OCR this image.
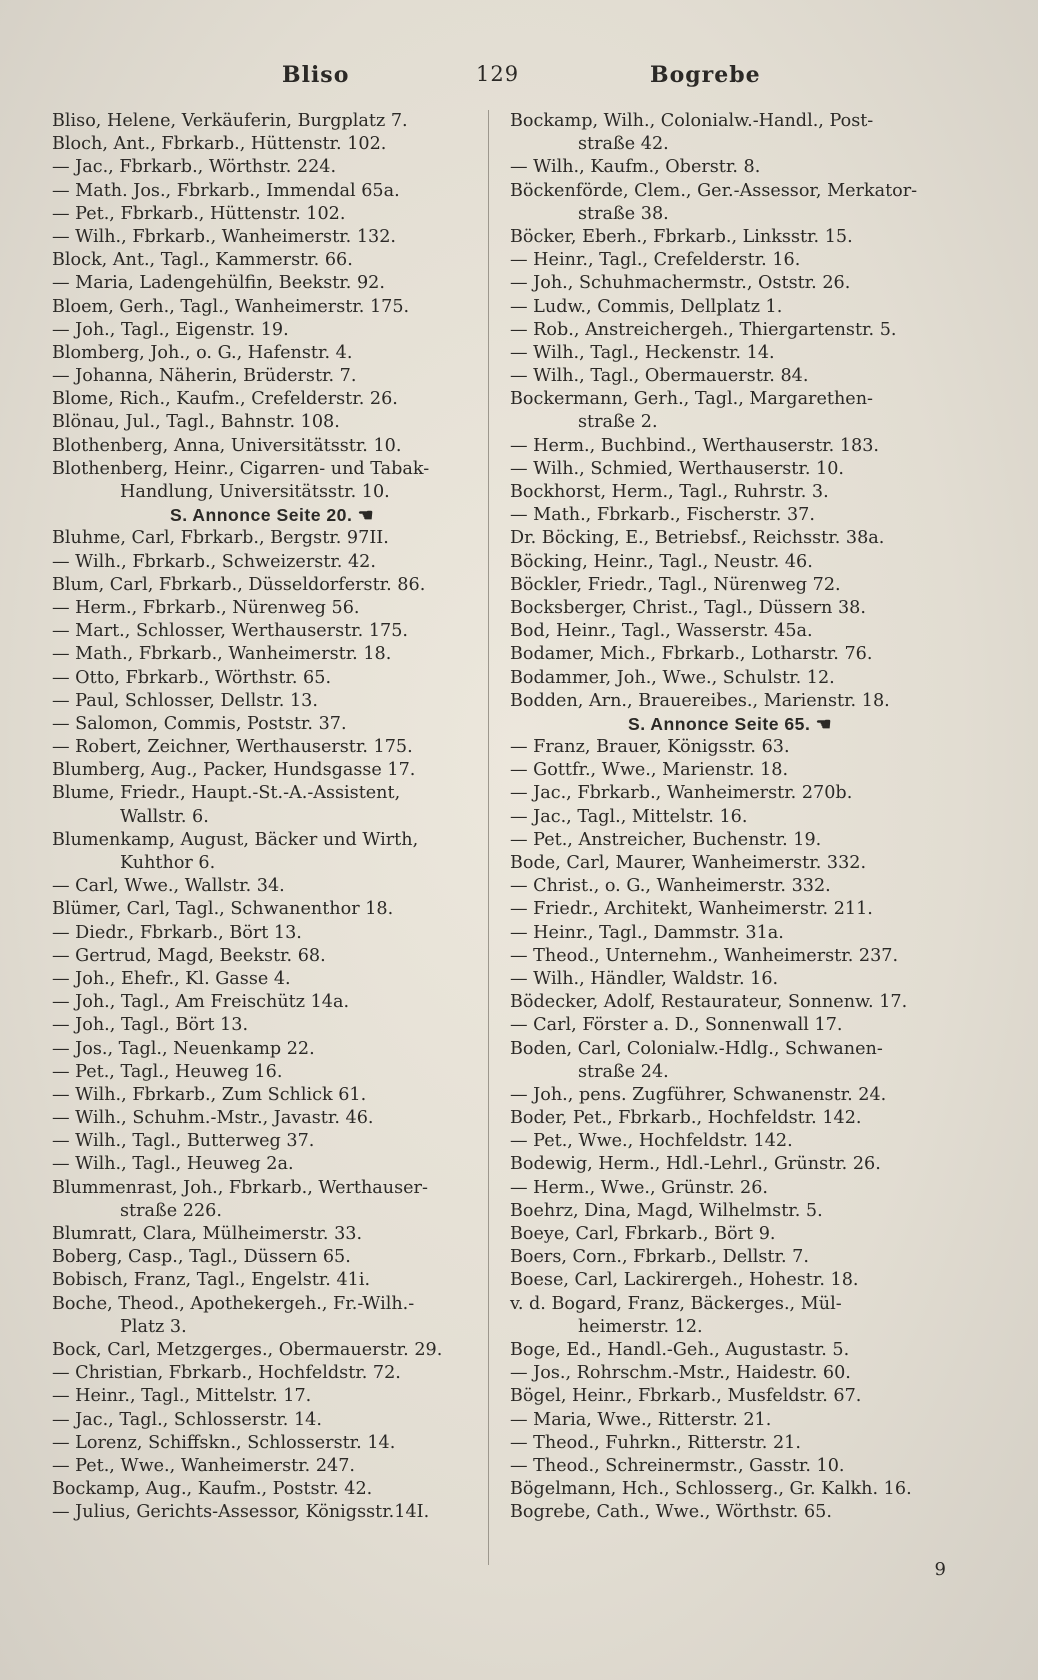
Bliso	129	Bogrebe
Bliso, Helene, Verkäuferin, Burgplatz 7.
Bloch, Ant., Fbrkarb., Hüttenstr. 102.
— Jac., Fbrkarb., Wörthstr. 224.
— Math. Jos., Fbrkarb., Immendal 65a.
— Pet., Fbrkarb., Hüttenstr. 102.
— Wilh., Fbrkarb., Wanheimerstr. 132.
Block, Ant., Tagl., Kammerstr. 66.
— Maria, Ladengehülfin, Beekstr. 92.
Bloem, Gerh., Tagl., Wanheimerstr. 175.
— Joh., Tagl., Eigenstr. 19.
Blomberg, Joh., o. G., Hafenstr. 4.
— Johanna, Näherin, Brüderstr. 7.
Blome, Rich., Kaufm., Crefelderstr. 26.
Blönau, Jul., Tagl., Bahnstr. 108.
Blothenberg, Anna, Universitätsstr. 10.
Blothenberg, Heinr., Cigarren- und Tabak-
Handlung, Universitätsstr. 10.
S. Annonce Seite 20. ☚
Bluhme, Carl, Fbrkarb., Bergstr. 97II.
— Wilh., Fbrkarb., Schweizerstr. 42.
Blum, Carl, Fbrkarb., Düsseldorferstr. 86.
— Herm., Fbrkarb., Nürenweg 56.
— Mart., Schlosser, Werthauserstr. 175.
— Math., Fbrkarb., Wanheimerstr. 18.
— Otto, Fbrkarb., Wörthstr. 65.
— Paul, Schlosser, Dellstr. 13.
— Salomon, Commis, Poststr. 37.
— Robert, Zeichner, Werthauserstr. 175.
Blumberg, Aug., Packer, Hundsgasse 17.
Blume, Friedr., Haupt.-St.-A.-Assistent,
Wallstr. 6.
Blumenkamp, August, Bäcker und Wirth,
Kuhthor 6.
— Carl, Wwe., Wallstr. 34.
Blümer, Carl, Tagl., Schwanenthor 18.
— Diedr., Fbrkarb., Bört 13.
— Gertrud, Magd, Beekstr. 68.
— Joh., Ehefr., Kl. Gasse 4.
— Joh., Tagl., Am Freischütz 14a.
— Joh., Tagl., Bört 13.
— Jos., Tagl., Neuenkamp 22.
— Pet., Tagl., Heuweg 16.
— Wilh., Fbrkarb., Zum Schlick 61.
— Wilh., Schuhm.-Mstr., Javastr. 46.
— Wilh., Tagl., Butterweg 37.
— Wilh., Tagl., Heuweg 2a.
Blummenrast, Joh., Fbrkarb., Werthauser-
straße 226.
Blumratt, Clara, Mülheimerstr. 33.
Boberg, Casp., Tagl., Düssern 65.
Bobisch, Franz, Tagl., Engelstr. 41i.
Boche, Theod., Apothekergeh., Fr.-Wilh.-
Platz 3.
Bock, Carl, Metzgerges., Obermauerstr. 29.
— Christian, Fbrkarb., Hochfeldstr. 72.
— Heinr., Tagl., Mittelstr. 17.
— Jac., Tagl., Schlosserstr. 14.
— Lorenz, Schiffskn., Schlosserstr. 14.
— Pet., Wwe., Wanheimerstr. 247.
Bockamp, Aug., Kaufm., Poststr. 42.
— Julius, Gerichts-Assessor, Königsstr.14I.
Bockamp, Wilh., Colonialw.-Handl., Post-
straße 42.
— Wilh., Kaufm., Oberstr. 8.
Böckenförde, Clem., Ger.-Assessor, Merkator-
straße 38.
Böcker, Eberh., Fbrkarb., Linksstr. 15.
— Heinr., Tagl., Crefelderstr. 16.
— Joh., Schuhmachermstr., Oststr. 26.
— Ludw., Commis, Dellplatz 1.
— Rob., Anstreichergeh., Thiergartenstr. 5.
— Wilh., Tagl., Heckenstr. 14.
— Wilh., Tagl., Obermauerstr. 84.
Bockermann, Gerh., Tagl., Margarethen-
straße 2.
— Herm., Buchbind., Werthauserstr. 183.
— Wilh., Schmied, Werthauserstr. 10.
Bockhorst, Herm., Tagl., Ruhrstr. 3.
— Math., Fbrkarb., Fischerstr. 37.
Dr. Böcking, E., Betriebsf., Reichsstr. 38a.
Böcking, Heinr., Tagl., Neustr. 46.
Böckler, Friedr., Tagl., Nürenweg 72.
Bocksberger, Christ., Tagl., Düssern 38.
Bod, Heinr., Tagl., Wasserstr. 45a.
Bodamer, Mich., Fbrkarb., Lotharstr. 76.
Bodammer, Joh., Wwe., Schulstr. 12.
Bodden, Arn., Brauereibes., Marienstr. 18.
S. Annonce Seite 65. ☚
— Franz, Brauer, Königsstr. 63.
— Gottfr., Wwe., Marienstr. 18.
— Jac., Fbrkarb., Wanheimerstr. 270b.
— Jac., Tagl., Mittelstr. 16.
— Pet., Anstreicher, Buchenstr. 19.
Bode, Carl, Maurer, Wanheimerstr. 332.
— Christ., o. G., Wanheimerstr. 332.
— Friedr., Architekt, Wanheimerstr. 211.
— Heinr., Tagl., Dammstr. 31a.
— Theod., Unternehm., Wanheimerstr. 237.
— Wilh., Händler, Waldstr. 16.
Bödecker, Adolf, Restaurateur, Sonnenw. 17.
— Carl, Förster a. D., Sonnenwall 17.
Boden, Carl, Colonialw.-Hdlg., Schwanen-
straße 24.
— Joh., pens. Zugführer, Schwanenstr. 24.
Boder, Pet., Fbrkarb., Hochfeldstr. 142.
— Pet., Wwe., Hochfeldstr. 142.
Bodewig, Herm., Hdl.-Lehrl., Grünstr. 26.
— Herm., Wwe., Grünstr. 26.
Boehrz, Dina, Magd, Wilhelmstr. 5.
Boeye, Carl, Fbrkarb., Bört 9.
Boers, Corn., Fbrkarb., Dellstr. 7.
Boese, Carl, Lackirergeh., Hohestr. 18.
v. d. Bogard, Franz, Bäckerges., Mül-
heimerstr. 12.
Boge, Ed., Handl.-Geh., Augustastr. 5.
— Jos., Rohrschm.-Mstr., Haidestr. 60.
Bögel, Heinr., Fbrkarb., Musfeldstr. 67.
— Maria, Wwe., Ritterstr. 21.
— Theod., Fuhrkn., Ritterstr. 21.
— Theod., Schreinermstr., Gasstr. 10.
Bögelmann, Hch., Schlosserg., Gr. Kalkh. 16.
Bogrebe, Cath., Wwe., Wörthstr. 65.
9
